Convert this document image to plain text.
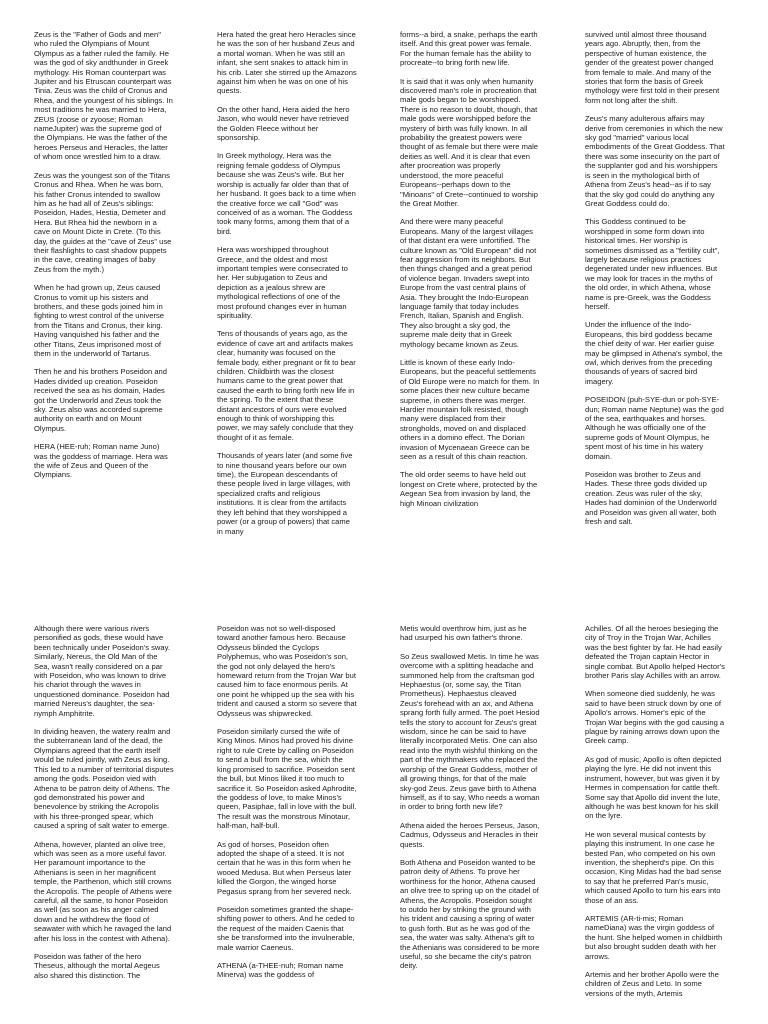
Zeus is the "Father of Gods and men" who ruled the Olympians of Mount Olympus as a father ruled the family. He was the god of sky andthunder in Greek mythology. His Roman counterpart was Jupiter and his Etruscan counterpart was Tinia. Zeus was the child of Cronus and Rhea, and the youngest of his siblings. In most traditions he was married to Hera, ZEUS (zoose or zyoose; Roman nameJupiter) was the supreme god of the Olympians. He was the father of the heroes Perseus and Heracles, the latter of whom once wrestled him to a draw.

Zeus was the youngest son of the Titans Cronus and Rhea. When he was born, his father Cronus intended to swallow him as he had all of Zeus's siblings: Poseidon, Hades, Hestia, Demeter and Hera. But Rhea hid the newborn in a cave on Mount Dicte in Crete. (To this day, the guides at the "cave of Zeus" use their flashlights to cast shadow puppets in the cave, creating images of baby Zeus from the myth.)

When he had grown up, Zeus caused Cronus to vomit up his sisters and brothers, and these gods joined him in fighting to wrest control of the universe from the Titans and Cronus, their king. Having vanquished his father and the other Titans, Zeus imprisoned most of them in the underworld of Tartarus.

Then he and his brothers Poseidon and Hades divided up creation. Poseidon received the sea as his domain, Hades got the Underworld and Zeus took the sky. Zeus also was accorded supreme authority on earth and on Mount Olympus.

HERA (HEE-ruh; Roman name Juno) was the goddess of marriage. Hera was the wife of Zeus and Queen of the Olympians.

Hera hated the great hero Heracles since he was the son of her husband Zeus and a mortal woman. When he was still an infant, she sent snakes to attack him in his crib. Later she stirred up the Amazons against him when he was on one of his quests.

On the other hand, Hera aided the hero Jason, who would never have retrieved the Golden Fleece without her sponsorship.

In Greek mythology, Hera was the reigning female goddess of Olympus because she was Zeus's wife. But her worship is actually far older than that of her husband. It goes back to a time when the creative force we call "God" was conceived of as a woman. The Goddess took many forms, among them that of a bird.

Hera was worshipped throughout Greece, and the oldest and most important temples were consecrated to her. Her subjugation to Zeus and depiction as a jealous shrew are mythological reflections of one of the most profound changes ever in human spirituality.

Tens of thousands of years ago, as the evidence of cave art and artifacts makes clear, humanity was focused on the female body, either pregnant or fit to bear children. Childbirth was the closest humans came to the great power that caused the earth to bring forth new life in the spring. To the extent that these distant ancestors of ours were evolved enough to think of worshipping this power, we may safely conclude that they thought of it as female.

Thousands of years later (and some five to nine thousand years before our own time), the European descendants of these people lived in large villages, with specialized crafts and religious institutions. It is clear from the artifacts they left behind that they worshipped a power (or a group of powers) that came in many

forms--a bird, a snake, perhaps the earth itself. And this great power was female. For the human female has the ability to procreate--to bring forth new life.

It is said that it was only when humanity discovered man's role in procreation that male gods began to be worshipped. There is no reason to doubt, though, that male gods were worshipped before the mystery of birth was fully known. In all probability the greatest powers were thought of as female but there were male deities as well. And it is clear that even after procreation was properly understood, the more peaceful Europeans--perhaps down to the "Minoans" of Crete--continued to worship the Great Mother.

And there were many peaceful Europeans. Many of the largest villages of that distant era were unfortified. The culture known as "Old European" did not fear aggression from its neighbors. But then things changed and a great period of violence began. Invaders swept into Europe from the vast central plains of Asia. They brought the Indo-European language family that today includes French, Italian, Spanish and English. They also brought a sky god, the supreme male deity that in Greek mythology became known as Zeus.

Little is known of these early Indo-Europeans, but the peaceful settlements of Old Europe were no match for them. In some places their new culture became supreme, in others there was merger. Hardier mountain folk resisted, though many were displaced from their strongholds, moved on and displaced others in a domino effect. The Dorian invasion of Mycenaean Greece can be seen as a result of this chain reaction.

The old order seems to have held out longest on Crete where, protected by the Aegean Sea from invasion by land, the high Minoan civilization

survived until almost three thousand years ago. Abruptly, then, from the perspective of human existence, the gender of the greatest power changed from female to male. And many of the stories that form the basis of Greek mythology were first told in their present form not long after the shift.

Zeus's many adulterous affairs may derive from ceremonies in which the new sky god "married" various local embodiments of the Great Goddess. That there was some insecurity on the part of the supplanter god and his worshippers is seen in the mythological birth of Athena from Zeus's head--as if to say that the sky god could do anything any Great Goddess could do.

This Goddess continued to be worshipped in some form down into historical times. Her worship is sometimes dismissed as a "fertility cult", largely because religious practices degenerated under new influences. But we may look for traces in the myths of the old order, in which Athena, whose name is pre-Greek, was the Goddess herself.

Under the influence of the Indo-Europeans, this bird goddess became the chief deity of war. Her earlier guise may be glimpsed in Athena's symbol, the owl, which derives from the preceding thousands of years of sacred bird imagery.

POSEIDON (puh-SYE-dun or poh-SYE-dun; Roman name Neptune) was the god of the sea, earthquakes and horses. Although he was officially one of the supreme gods of Mount Olympus, he spent most of his time in his watery domain.

Poseidon was brother to Zeus and Hades. These three gods divided up creation. Zeus was ruler of the sky, Hades had dominion of the Underworld and Poseidon was given all water, both fresh and salt.

Although there were various rivers personified as gods, these would have been technically under Poseidon's sway. Similarly, Nereus, the Old Man of the Sea, wasn't really considered on a par with Poseidon, who was known to drive his chariot through the waves in unquestioned dominance. Poseidon had married Nereus's daughter, the sea-nymph Amphitrite.

In dividing heaven, the watery realm and the subterranean land of the dead, the Olympians agreed that the earth itself would be ruled jointly, with Zeus as king. This led to a number of territorial disputes among the gods. Poseidon vied with Athena to be patron deity of Athens. The god demonstrated his power and benevolence by striking the Acropolis with his three-pronged spear, which caused a spring of salt water to emerge.

Athena, however, planted an olive tree, which was seen as a more useful favor. Her paramount importance to the Athenians is seen in her magnificent temple, the Parthenon, which still crowns the Acropolis. The people of Athens were careful, all the same, to honor Poseidon as well (as soon as his anger calmed down and he withdrew the flood of seawater with which he ravaged the land after his loss in the contest with Athena).

Poseidon was father of the hero Theseus, although the mortal Aegeus also shared this distinction. The

Poseidon was not so well-disposed toward another famous hero. Because Odysseus blinded the Cyclops Polyphemus, who was Poseidon's son, the god not only delayed the hero's homeward return from the Trojan War but caused him to face enormous perils. At one point he whipped up the sea with his trident and caused a storm so severe that Odysseus was shipwrecked.

Poseidon similarly cursed the wife of King Minos. Minos had proved his divine right to rule Crete by calling on Poseidon to send a bull from the sea, which the king promised to sacrifice. Poseidon sent the bull, but Minos liked it too much to sacrifice it. So Poseidon asked Aphrodite, the goddess of love, to make Minos's queen, Pasiphae, fall in love with the bull. The result was the monstrous Minotaur, half-man, half-bull.

As god of horses, Poseidon often adopted the shape of a steed. It is not certain that he was in this form when he wooed Medusa. But when Perseus later killed the Gorgon, the winged horse Pegasus sprang from her severed neck.

Poseidon sometimes granted the shape-shifting power to others. And he ceded to the request of the maiden Caenis that she be transformed into the invulnerable, male warrior Caeneus.

ATHENA (a-THEE-nuh; Roman name Minerva) was the goddess of

Metis would overthrow him, just as he had usurped his own father's throne.

So Zeus swallowed Metis. In time he was overcome with a splitting headache and summoned help from the craftsman god Hephaestus (or, some say, the Titan Prometheus). Hephaestus cleaved Zeus's forehead with an ax, and Athena sprang forth fully armed. The poet Hesiod tells the story to account for Zeus's great wisdom, since he can be said to have literally incorporated Metis. One can also read into the myth wishful thinking on the part of the mythmakers who replaced the worship of the Great Goddess, mother of all growing things, for that of the male sky-god Zeus. Zeus gave birth to Athena himself, as if to say, Who needs a woman in order to bring forth new life?

Athena aided the heroes Perseus, Jason, Cadmus, Odysseus and Heracles in their quests.

Both Athena and Poseidon wanted to be patron deity of Athens. To prove her worthiness for the honor, Athena caused an olive tree to spring up on the citadel of Athens, the Acropolis. Poseidon sought to outdo her by striking the ground with his trident and causing a spring of water to gush forth. But as he was god of the sea, the water was salty. Athena's gift to the Athenians was considered to be more useful, so she became the city's patron deity.

Achilles. Of all the heroes besieging the city of Troy in the Trojan War, Achilles was the best fighter by far. He had easily defeated the Trojan captain Hector in single combat. But Apollo helped Hector's brother Paris slay Achilles with an arrow.

When someone died suddenly, he was said to have been struck down by one of Apollo's arrows. Homer's epic of the Trojan War begins with the god causing a plague by raining arrows down upon the Greek camp.

As god of music, Apollo is often depicted playing the lyre. He did not invent this instrument, however, but was given it by Hermes in compensation for cattle theft. Some say that Apollo did invent the lute, although he was best known for his skill on the lyre.

He won several musical contests by playing this instrument. In one case he bested Pan, who competed on his own invention, the shepherd's pipe. On this occasion, King Midas had the bad sense to say that he preferred Pan's music, which caused Apollo to turn his ears into those of an ass.

ARTEMIS (AR-ti-mis; Roman nameDiana) was the virgin goddess of the hunt. She helped women in childbirth but also brought sudden death with her arrows.

Artemis and her brother Apollo were the children of Zeus and Leto. In some versions of the myth, Artemis
